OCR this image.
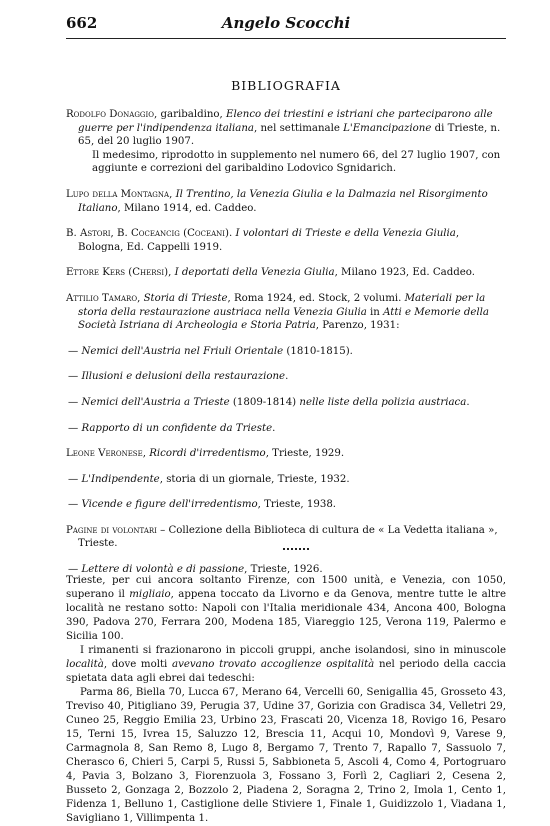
662	Angelo Scocchi
BIBLIOGRAFIA

Rodolfo Donaggio, garibaldino, Elenco dei triestini e istriani che parteciparono alle guerre per l'indipendenza italiana, nel settimanale L'Emancipazione di Trieste, n. 65, del 20 luglio 1907.
Il medesimo, riprodotto in supplemento nel numero 66, del 27 luglio 1907, con aggiunte e correzioni del garibaldino Lodovico Sgnidarich.

Lupo della Montagna, Il Trentino, la Venezia Giulia e la Dalmazia nel Risorgimento Italiano, Milano 1914, ed. Caddeo.

B. Astori, B. Coceancig (Coceani). I volontari di Trieste e della Venezia Giulia, Bologna, Ed. Cappelli 1919.

Ettore Kers (Chersi), I deportati della Venezia Giulia, Milano 1923, Ed. Caddeo.

Attilio Tamaro, Storia di Trieste, Roma 1924, ed. Stock, 2 volumi. Materiali per la storia della restaurazione austriaca nella Venezia Giulia in Atti e Memorie della Società Istriana di Archeologia e Storia Patria, Parenzo, 1931:

— Nemici dell'Austria nel Friuli Orientale (1810-1815).

— Illusioni e delusioni della restaurazione.

— Nemici dell'Austria a Trieste (1809-1814) nelle liste della polizia austriaca.

— Rapporto di un confidente da Trieste.

Leone Veronese, Ricordi d'irredentismo, Trieste, 1929.

— L'Indipendente, storia di un giornale, Trieste, 1932.

— Vicende e figure dell'irredentismo, Trieste, 1938.

Pagine di volontari – Collezione della Biblioteca di cultura de « La Vedetta italiana », Trieste.

— Lettere di volontà e di passione, Trieste, 1926.

Trieste, per cui ancora soltanto Firenze, con 1500 unità, e Venezia, con 1050, superano il migliaio, appena toccato da Livorno e da Genova, mentre tutte le altre località ne restano sotto: Napoli con l'Italia meridionale 434, Ancona 400, Bologna 390, Padova 270, Ferrara 200, Modena 185, Viareggio 125, Verona 119, Palermo e Sicilia 100.

I rimanenti si frazionarono in piccoli gruppi, anche isolandosi, sino in minuscole località, dove molti avevano trovato accoglienze ospitalità nel periodo della caccia spietata data agli ebrei dai tedeschi:

Parma 86, Biella 70, Lucca 67, Merano 64, Vercelli 60, Senigallia 45, Grosseto 43, Treviso 40, Pitigliano 39, Perugia 37, Udine 37, Gorizia con Gradisca 34, Velletri 29, Cuneo 25, Reggio Emilia 23, Urbino 23, Frascati 20, Vicenza 18, Rovigo 16, Pesaro 15, Terni 15, Ivrea 15, Saluzzo 12, Brescia 11, Acqui 10, Mondovì 9, Varese 9, Carmagnola 8, San Remo 8, Lugo 8, Bergamo 7, Trento 7, Rapallo 7, Sassuolo 7, Cherasco 6, Chieri 5, Carpi 5, Russi 5, Sabbioneta 5, Ascoli 4, Como 4, Portogruaro 4, Pavia 3, Bolzano 3, Fiorenzuola 3, Fossano 3, Forlì 2, Cagliari 2, Cesena 2, Busseto 2, Gonzaga 2, Bozzolo 2, Piadena 2, Soragna 2, Trino 2, Imola 1, Cento 1, Fidenza 1, Belluno 1, Castiglione delle Stiviere 1, Finale 1, Guidizzolo 1, Viadana 1, Savigliano 1, Villimpenta 1.
